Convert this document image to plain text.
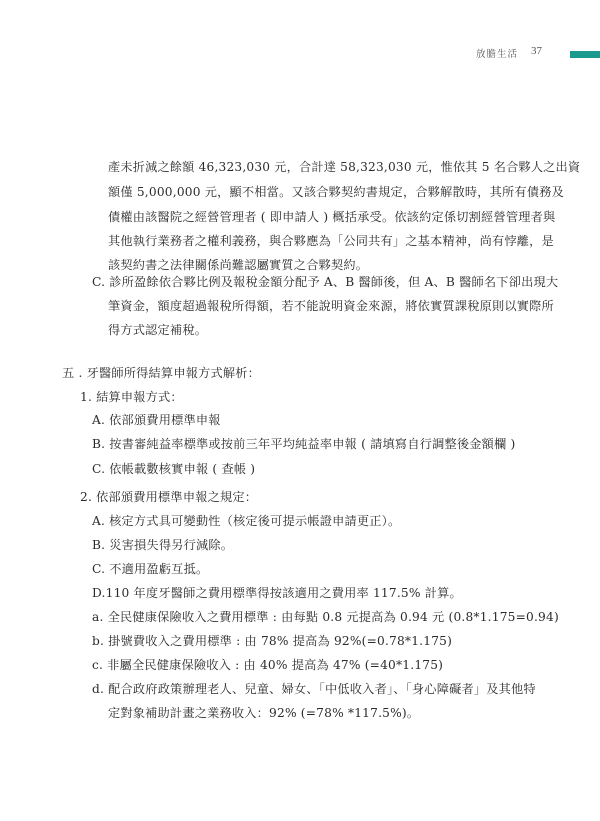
放膽生活 37
產未折減之餘額 46,323,030 元，合計達 58,323,030 元，惟依其 5 名合夥人之出資
額僅 5,000,000 元，顯不相當。又該合夥契約書規定，合夥解散時，其所有債務及
債權由該醫院之經營管理者 ( 即申請人 ) 概括承受。依該約定係切割經營管理者與
其他執行業務者之權利義務，與合夥應為「公同共有」之基本精神，尚有悖離，是
該契約書之法律關係尚難認屬實質之合夥契約。
C. 診所盈餘依合夥比例及報稅金額分配予 A、B 醫師後，但 A、B 醫師名下卻出現大
筆資金，額度超過報稅所得額，若不能說明資金來源，將依實質課稅原則以實際所
得方式認定補稅。
五 . 牙醫師所得結算申報方式解析：
1. 結算申報方式：
A. 依部頒費用標準申報
B. 按書審純益率標準或按前三年平均純益率申報 ( 請填寫自行調整後金額欄 )
C. 依帳載數核實申報 ( 查帳 )
2. 依部頒費用標準申報之規定：
A. 核定方式具可變動性（核定後可提示帳證申請更正）。
B. 災害損失得另行減除。
C. 不適用盈虧互抵。
D.110 年度牙醫師之費用標準得按該適用之費用率 117.5% 計算。
a. 全民健康保險收入之費用標準 : 由每點 0.8 元提高為 0.94 元 (0.8*1.175=0.94)
b. 掛號費收入之費用標準 : 由 78% 提高為 92%(=0.78*1.175)
c. 非屬全民健康保險收入 : 由 40% 提高為 47% (=40*1.175)
d. 配合政府政策辦理老人、兒童、婦女、「中低收入者」、「身心障礙者」及其他特
定對象補助計畫之業務收入：92% (=78% *117.5%)。
